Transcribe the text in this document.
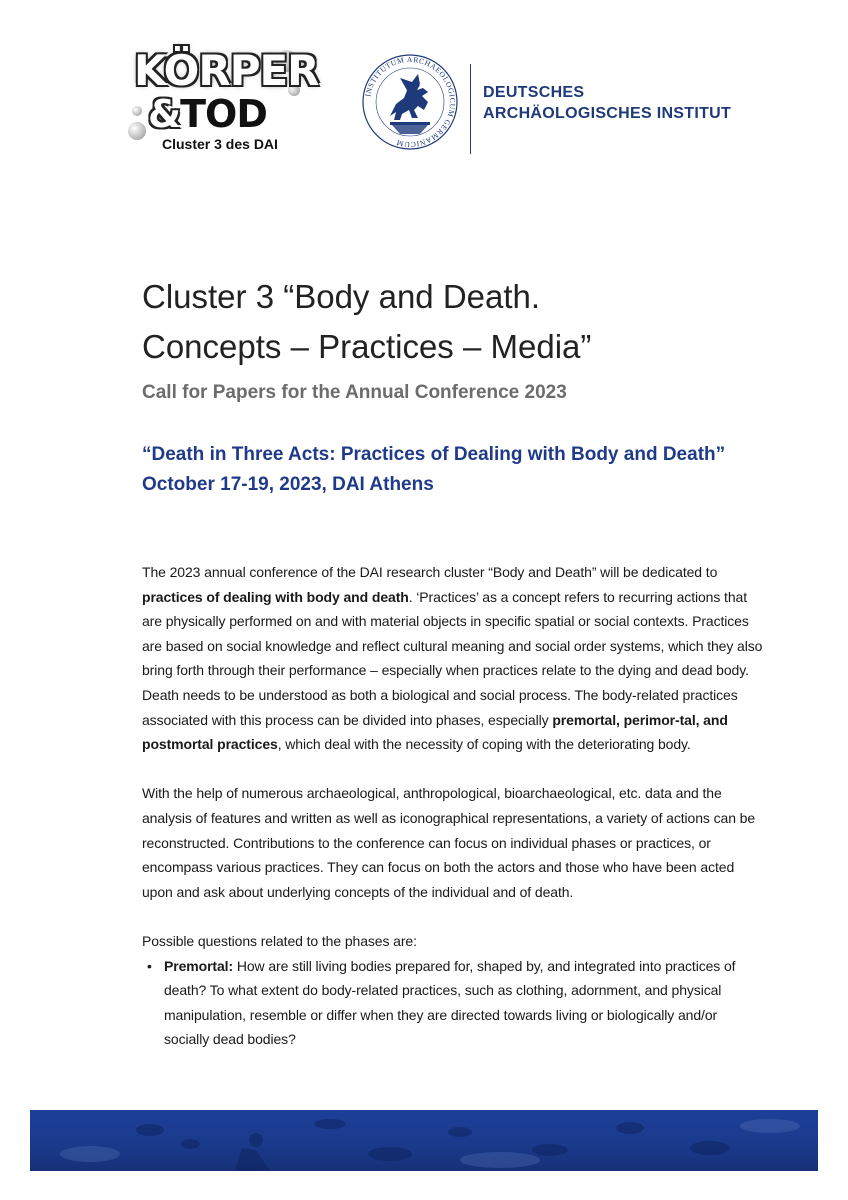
KÖRPER
&TOD
Cluster 3 des DAI
INSTITUTUM ARCHAEOLOGICUM GERMANICUM
DEUTSCHES
ARCHÄOLOGISCHES INSTITUT
Cluster 3 “Body and Death.
Concepts – Practices – Media”
Call for Papers for the Annual Conference 2023
“Death in Three Acts: Practices of Dealing with Body and Death”
October 17-19, 2023, DAI Athens

The 2023 annual conference of the DAI research cluster “Body and Death” will be dedicated to practices of dealing with body and death. ‘Practices’ as a concept refers to recurring actions that are physically performed on and with material objects in specific spatial or social contexts. Practices are based on social knowledge and reflect cultural meaning and social order systems, which they also bring forth through their performance – especially when practices relate to the dying and dead body. Death needs to be understood as both a biological and social process. The body-related practices associated with this process can be divided into phases, especially premortal, perimor-tal, and postmortal practices, which deal with the necessity of coping with the deteriorating body.

With the help of numerous archaeological, anthropological, bioarchaeological, etc. data and the analysis of features and written as well as iconographical representations, a variety of actions can be reconstructed. Contributions to the conference can focus on individual phases or practices, or encompass various practices. They can focus on both the actors and those who have been acted upon and ask about underlying concepts of the individual and of death.

Possible questions related to the phases are:

• Premortal: How are still living bodies prepared for, shaped by, and integrated into practices of death? To what extent do body-related practices, such as clothing, adornment, and physical manipulation, resemble or differ when they are directed towards living or biologically and/or socially dead bodies?
